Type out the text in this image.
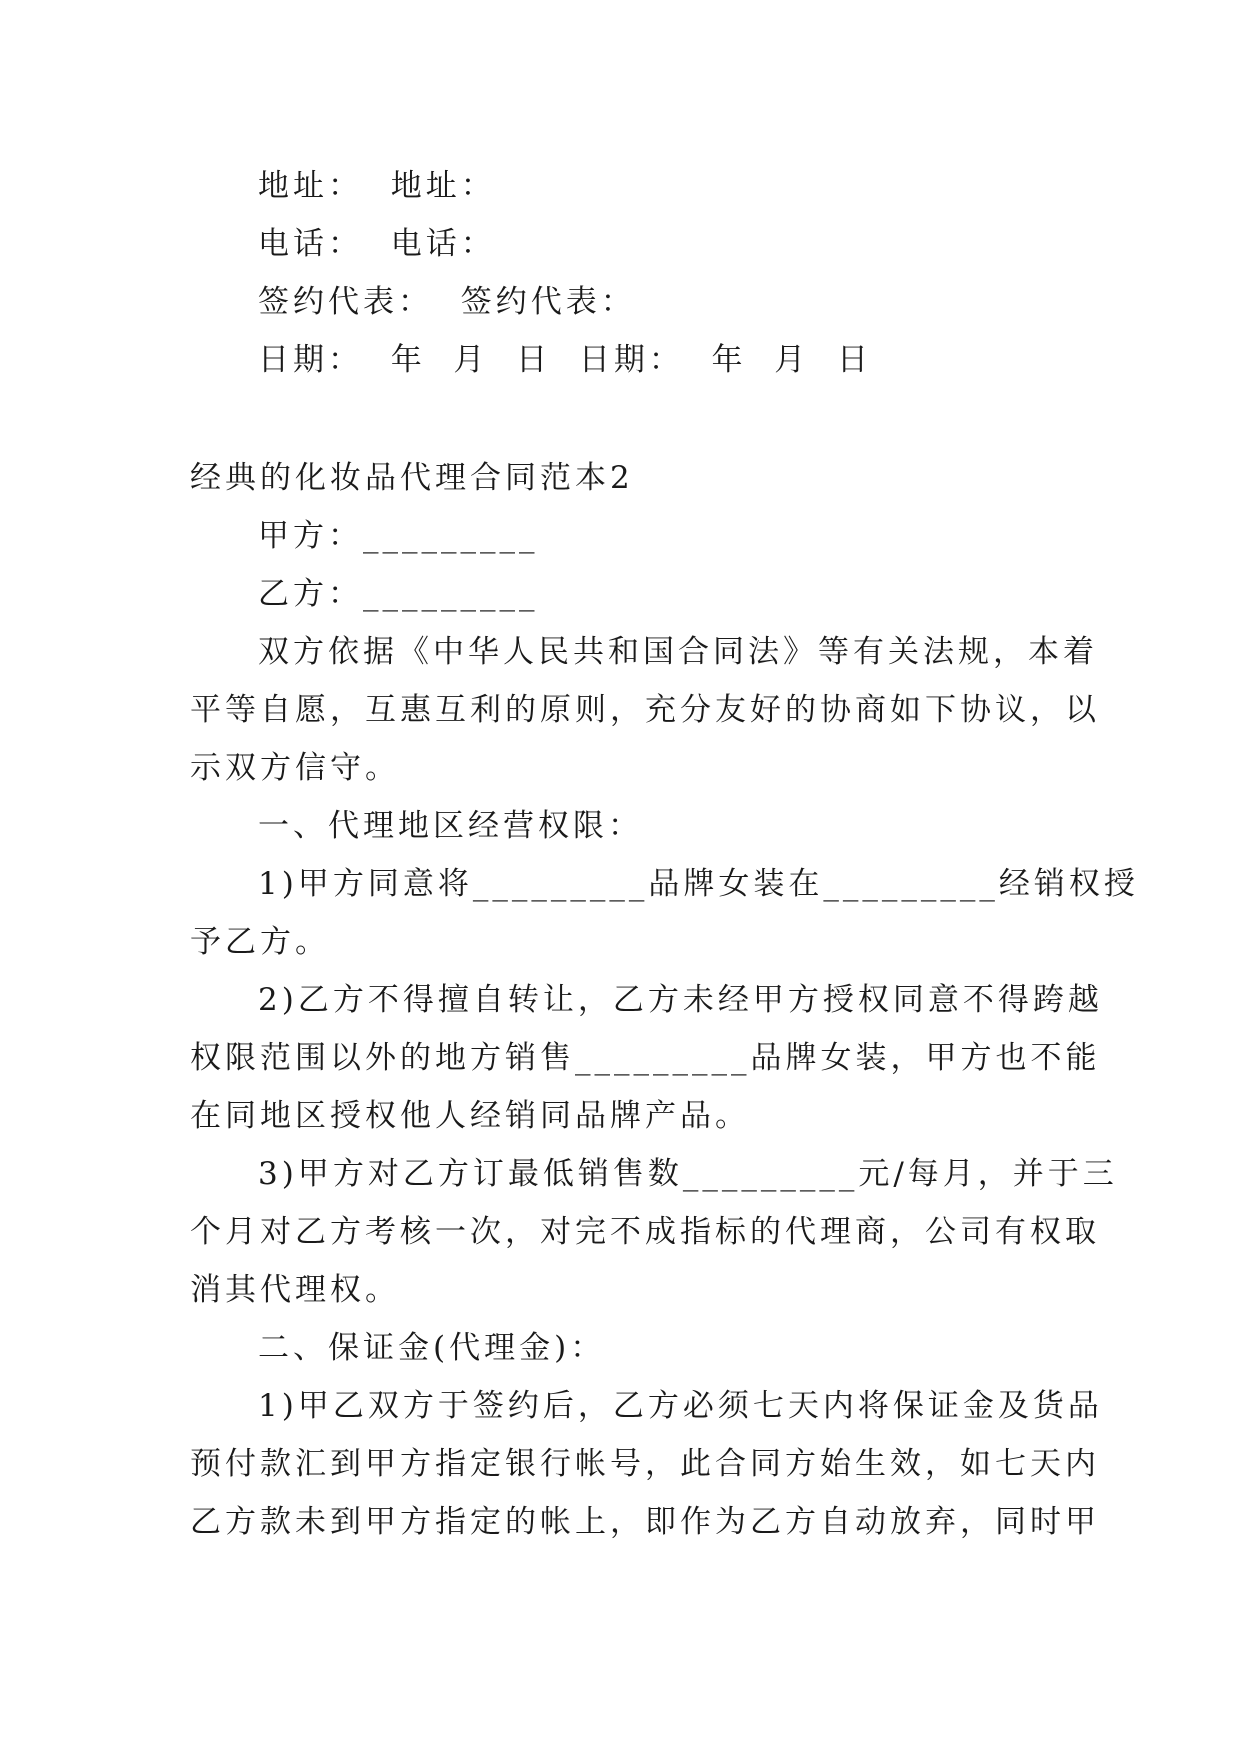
地址：  地址：
电话：  电话：
签约代表：  签约代表：
日期：  年  月  日  日期：  年  月  日
经典的化妆品代理合同范本2
甲方：_________
乙方：_________
双方依据《中华人民共和国合同法》等有关法规，本着
平等自愿，互惠互利的原则，充分友好的协商如下协议，以
示双方信守。
一、代理地区经营权限：
1)甲方同意将_________品牌女装在_________经销权授
予乙方。
2)乙方不得擅自转让，乙方未经甲方授权同意不得跨越
权限范围以外的地方销售_________品牌女装，甲方也不能
在同地区授权他人经销同品牌产品。
3)甲方对乙方订最低销售数_________元/每月，并于三
个月对乙方考核一次，对完不成指标的代理商，公司有权取
消其代理权。
二、保证金(代理金)：
1)甲乙双方于签约后，乙方必须七天内将保证金及货品
预付款汇到甲方指定银行帐号，此合同方始生效，如七天内
乙方款未到甲方指定的帐上，即作为乙方自动放弃，同时甲
